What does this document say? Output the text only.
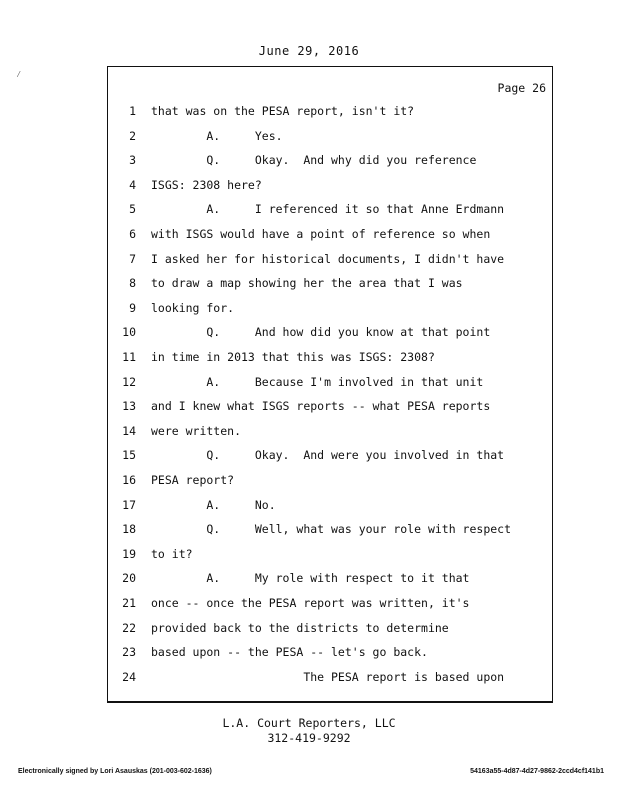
June 29, 2016
Page 26
1 that was on the PESA report, isn't it?
2 A.     Yes.
3 Q.     Okay.  And why did you reference
4 ISGS: 2308 here?
5 A.     I referenced it so that Anne Erdmann
6 with ISGS would have a point of reference so when
7 I asked her for historical documents, I didn't have
8 to draw a map showing her the area that I was
9 looking for.
10 Q.     And how did you know at that point
11 in time in 2013 that this was ISGS: 2308?
12 A.     Because I'm involved in that unit
13 and I knew what ISGS reports -- what PESA reports
14 were written.
15 Q.     Okay.  And were you involved in that
16 PESA report?
17 A.     No.
18 Q.     Well, what was your role with respect
19 to it?
20 A.     My role with respect to it that
21 once -- once the PESA report was written, it's
22 provided back to the districts to determine
23 based upon -- the PESA -- let's go back.
24 The PESA report is based upon
L.A. Court Reporters, LLC
312-419-9292
Electronically signed by Lori Asauskas (201-003-602-1636)	54163a55-4d87-4d27-9862-2ccd4cf141b1
⁄
